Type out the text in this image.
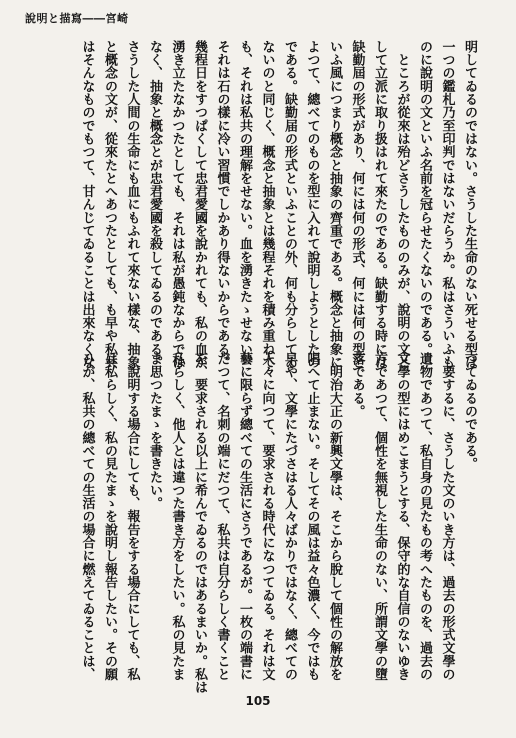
說明と描寫――宮崎

明してゐるのではない。さうした生命のない死せる型は

一つの鑑札乃至印判ではないだらうか。私はさういふも

のに說明の文といふ名前を冠らせたくないのである。

　ところが從來は殆どさうしたもののみが、說明の文と

して立派に取り扱はれて來たのである。缺勤する時には

缺勤屆の形式があり、何には何の形式、何には何の型と

いふ風につまり概念と抽象の齊重である。概念と抽象に

よつて、總べてのものを型に入れて說明しようとしたの

である。缺勤届の形式といふことの外、何も分らしてゐ

ないのと同じく、概念と抽象とは幾程それを積み重ねて

も、それは私共の理解をせない。血を湧きたゝせない。

それは石の樣に冷い習慣でしかあり得ないからである。

幾程日をすつぱくして忠君愛國を說かれても、私の血が

湧き立たなかつたとしても、それは私が愚鈍なからでは

なく、抽象と概念とが忠君愛國を殺してゐるのである。

さうした人間の生命にも血にもふれて來ない樣な、抽象

と概念の文が、從來たとへあつたとしても、も早や私共

はそんなものでもつて、甘んじてゐることは出來なくな

つてゐるのである。

　要するに、さうした文のいき方は、過去の形式文學の

遺物であつて、私自身の見たもの考へたものを、過去の

文學の型にはめこまうとする、保守的な自信のないゆき

方であつて、個性を無視した生命のない、所謂文學の墮

落である。

　明治大正の新興文學は、そこから脫して個性の解放を

唱へて止まない。そしてその風は益々色濃く、今ではも

早や、文學にたづさはる人々ばかりではなく、總べての

人々に向つて、要求される時代になつてゐる。それは文

藝に限らず總べての生活にさうであるが。一枚の端書に

だつて、名刺の端にだつて、私共は自分らしく書くこと

を、要求される以上に希んでゐるのではあるまいか。私は

私らしく、他人とは違つた書き方をしたい。私の見たま

ま思つたまゝを書きたい。

　說明する場合にしても、報告をする場合にしても、私

は私らしく、私の見たまゝを說明し報告したい。その願

ひが、私共の總べての生活の場合に燃えてゐることは、

105
